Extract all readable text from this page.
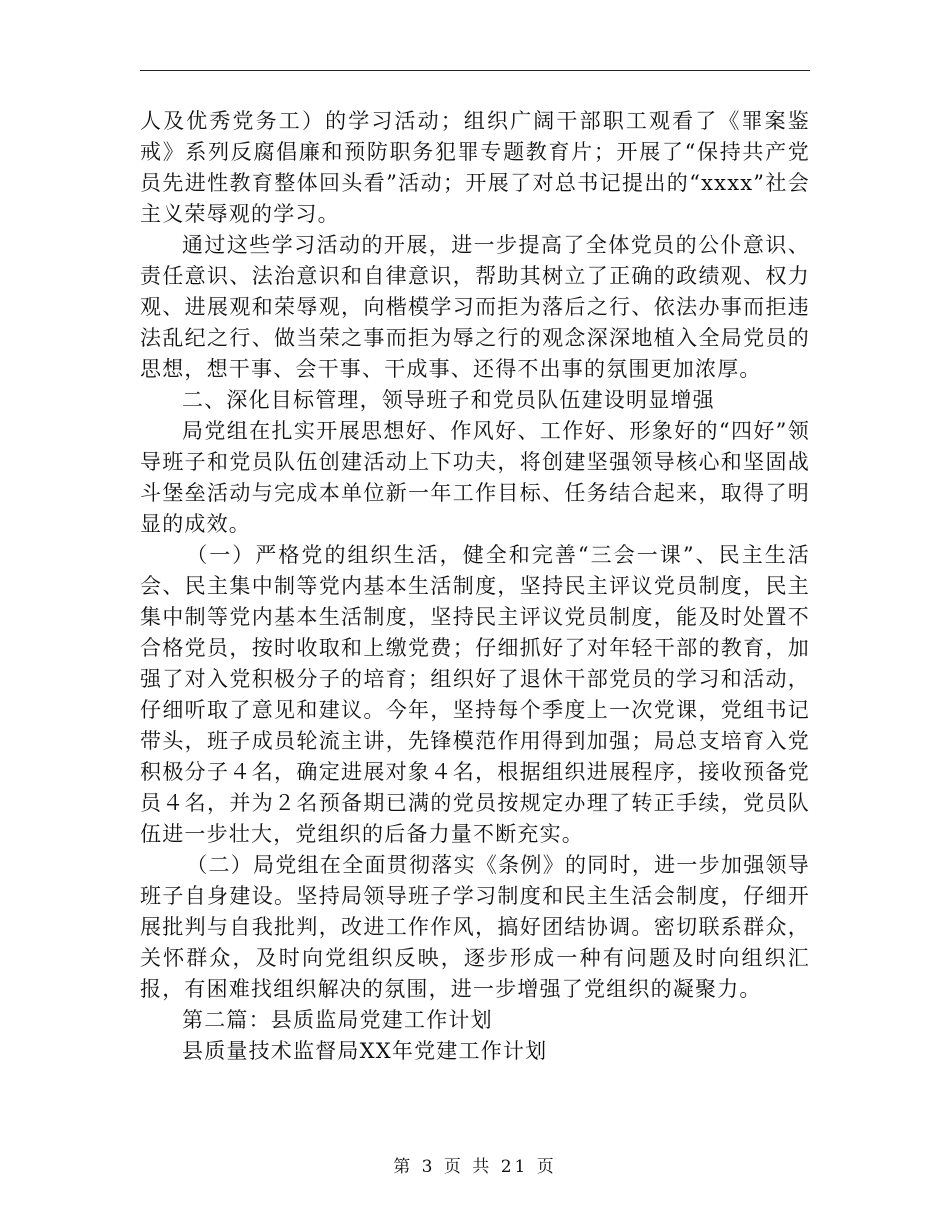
人及优秀党务工）的学习活动；组织广阔干部职工观看了《罪案鉴戒》系列反腐倡廉和预防职务犯罪专题教育片；开展了“保持共产党员先进性教育整体回头看”活动；开展了对总书记提出的“xxxx”社会主义荣辱观的学习。

通过这些学习活动的开展，进一步提高了全体党员的公仆意识、责任意识、法治意识和自律意识，帮助其树立了正确的政绩观、权力观、进展观和荣辱观，向楷模学习而拒为落后之行、依法办事而拒违法乱纪之行、做当荣之事而拒为辱之行的观念深深地植入全局党员的思想，想干事、会干事、干成事、还得不出事的氛围更加浓厚。

二、深化目标管理，领导班子和党员队伍建设明显增强

局党组在扎实开展思想好、作风好、工作好、形象好的“四好”领导班子和党员队伍创建活动上下功夫，将创建坚强领导核心和坚固战斗堡垒活动与完成本单位新一年工作目标、任务结合起来，取得了明显的成效。

（一）严格党的组织生活，健全和完善“三会一课”、民主生活会、民主集中制等党内基本生活制度，坚持民主评议党员制度，民主集中制等党内基本生活制度，坚持民主评议党员制度，能及时处置不合格党员，按时收取和上缴党费；仔细抓好了对年轻干部的教育，加强了对入党积极分子的培育；组织好了退休干部党员的学习和活动，仔细听取了意见和建议。今年，坚持每个季度上一次党课，党组书记带头，班子成员轮流主讲，先锋模范作用得到加强；局总支培育入党积极分子４名，确定进展对象４名，根据组织进展程序，接收预备党员４名，并为２名预备期已满的党员按规定办理了转正手续，党员队伍进一步壮大，党组织的后备力量不断充实。

（二）局党组在全面贯彻落实《条例》的同时，进一步加强领导班子自身建设。坚持局领导班子学习制度和民主生活会制度，仔细开展批判与自我批判，改进工作作风，搞好团结协调。密切联系群众，关怀群众，及时向党组织反映，逐步形成一种有问题及时向组织汇报，有困难找组织解决的氛围，进一步增强了党组织的凝聚力。

第二篇：县质监局党建工作计划

县质量技术监督局XX年党建工作计划

第 3 页 共 21 页
